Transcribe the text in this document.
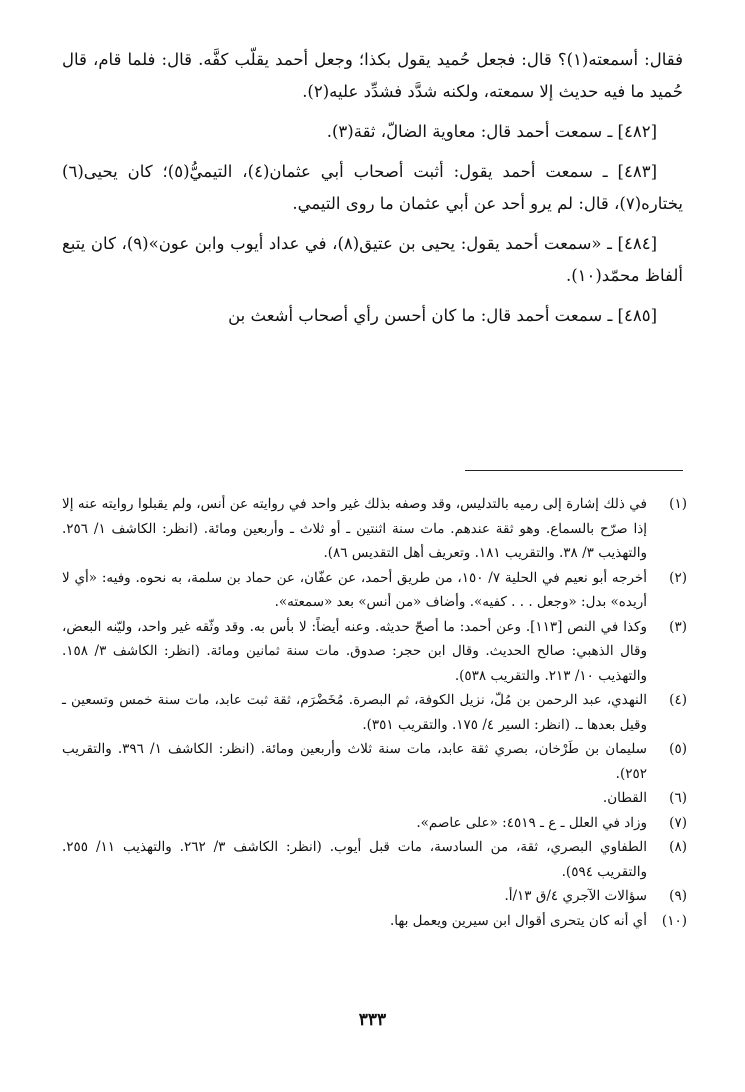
فقال: أسمعته(١)؟ قال: فجعل حُميد يقول ‌‌‌‌‌‌‌‌‌‌‌‌‌بكذا؛ وجعل أحمد يقلّب كفَّه. قال: فلما قام، قال حُميد ما فيه حديث إلا سمعته، ولكنه شدَّد فشدِّد عليه(٢).

[٤٨٢] ـ سمعت أحمد قال: معاوية الضالّ، ثقة(٣).

[٤٨٣] ـ سمعت أحمد يقول: أثبت أصحاب أبي عثمان(٤)، التيميُّ(٥)؛ كان يحيى(٦) يختاره(٧)، قال: لم يرو أحد عن أبي عثمان ما روى التيمي.

[٤٨٤] ـ «سمعت أحمد يقول: يحيى بن عتيق(٨)، في عداد أيوب وابن عون»(٩)، كان يتبع ألفاظ محمّد(١٠).

[٤٨٥] ـ سمعت أحمد قال: ما كان أحسن رأي أصحاب أشعث بن

(١)
في ذلك إشارة إلى رميه بالتدليس، وقد وصفه بذلك غير واحد في روايته عن أنس، ولم يقبلوا روايته عنه إلا إذا صرّح بالسماع. وهو ثقة عندهم. مات سنة اثنتين ـ أو ثلاث ـ وأربعين ومائة. (انظر: الكاشف ١/ ٢٥٦. والتهذيب ٣/ ٣٨. والتقريب ١٨١. وتعريف أهل التقديس ٨٦).
(٢)
أخرجه أبو نعيم في الحلية ٧/ ١٥٠، من طريق أحمد، عن عفّان، عن حماد بن سلمة، به نحوه. وفيه: «أي لا أريده» بدل: «وجعل . . . كفيه». وأضاف «من أنس» بعد «سمعته».
(٣)
وكذا في النص [١١٣]. وعن أحمد: ما أصحّ حديثه. وعنه أيضاً: لا بأس به. وقد وثّقه غير واحد، وليّنه البعض، وقال الذهبي: صالح الحديث. وقال ابن حجر: صدوق. مات سنة ثمانين ومائة. (انظر: الكاشف ٣/ ١٥٨. والتهذيب ١٠/ ٢١٣. والتقريب ٥٣٨).
(٤)
النهدي، عبد الرحمن بن مُلّ، نزيل الكوفة، ثم البصرة. مُخَضْرَم، ثقة ثبت عابد، مات سنة خمس وتسعين ـ وقيل بعدها ـ. (انظر: السير ٤/ ١٧٥. والتقريب ٣٥١).
(٥)
سليمان بن طَرْخان، بصري ثقة عابد، مات سنة ثلاث وأربعين ومائة. (انظر: الكاشف ١/ ٣٩٦. والتقريب ٢٥٢).
(٦)
القطان.
(٧)
وزاد في العلل ـ ع ـ ٤٥١٩: «على عاصم».
(٨)
الطفاوي البصري، ثقة، من السادسة، مات قبل أيوب. (انظر: الكاشف ٣/ ٢٦٢. والتهذيب ١١/ ٢٥٥. والتقريب ٥٩٤).
(٩)
سؤالات الآجري ٤/ق ١٣/أ.
(١٠)
أي أنه كان يتحرى أقوال ابن سيرين ويعمل بها.
٣٣٣
